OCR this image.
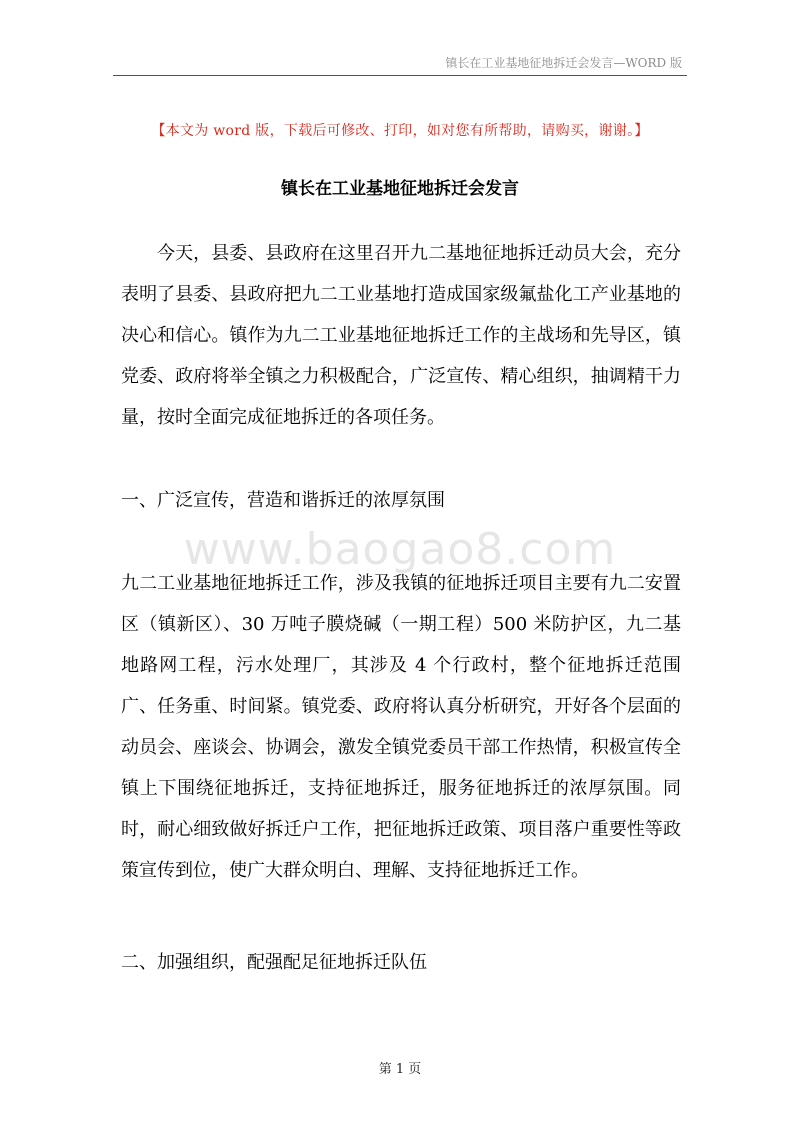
镇长在工业基地征地拆迁会发言—WORD 版
【本文为 word 版，下载后可修改、打印，如对您有所帮助，请购买，谢谢。】
镇长在工业基地征地拆迁会发言

今天，县委、县政府在这里召开九二基地征地拆迁动员大会，充分表明了县委、县政府把九二工业基地打造成国家级氟盐化工产业基地的决心和信心。镇作为九二工业基地征地拆迁工作的主战场和先导区，镇党委、政府将举全镇之力积极配合，广泛宣传、精心组织，抽调精干力量，按时全面完成征地拆迁的各项任务。

一、广泛宣传，营造和谐拆迁的浓厚氛围

www.baogao8.com

九二工业基地征地拆迁工作，涉及我镇的征地拆迁项目主要有九二安置区（镇新区）、30 万吨子膜烧碱（一期工程）500 米防护区，九二基地路网工程，污水处理厂，其涉及 4 个行政村，整个征地拆迁范围广、任务重、时间紧。镇党委、政府将认真分析研究，开好各个层面的动员会、座谈会、协调会，激发全镇党委员干部工作热情，积极宣传全镇上下围绕征地拆迁，支持征地拆迁，服务征地拆迁的浓厚氛围。同时，耐心细致做好拆迁户工作，把征地拆迁政策、项目落户重要性等政策宣传到位，使广大群众明白、理解、支持征地拆迁工作。

二、加强组织，配强配足征地拆迁队伍

第 1 页
